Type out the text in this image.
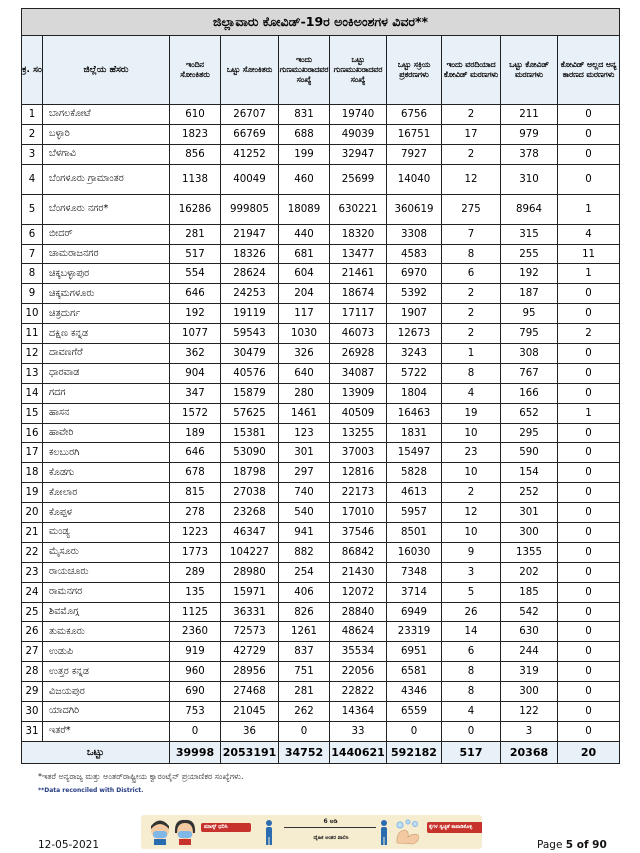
ಜಿಲ್ಲಾವಾರು ಕೋವಿಡ್-19ರ ಅಂಕಿಅಂಶಗಳ ವಿವರ**									
ಕ್ರ. ಸಂ	ಜಿಲ್ಲೆಯ ಹೆಸರು	ಇಂದಿನ ಸೋಂಕಿತರು	ಒಟ್ಟು ಸೋಂಕಿತರು	ಇಂದು ಗುಣಮುಖರಾದವರ ಸಂಖ್ಯೆ	ಒಟ್ಟು ಗುಣಮುಖರಾದವರ ಸಂಖ್ಯೆ	ಒಟ್ಟು ಸಕ್ರಿಯ ಪ್ರಕರಣಗಳು	ಇಂದು ವರದಿಯಾದ ಕೋವಿಡ್ ಮರಣಗಳು	ಒಟ್ಟು ಕೋವಿಡ್ ಮರಣಗಳು	ಕೋವಿಡ್ ಅಲ್ಲದ ಅನ್ಯ ಕಾರಣದ ಮರಣಗಳು
1	ಬಾಗಲಕೋಟೆ	610	26707	831	19740	6756	2	211	0
2	ಬಳ್ಳಾರಿ	1823	66769	688	49039	16751	17	979	0
3	ಬೆಳಗಾವಿ	856	41252	199	32947	7927	2	378	0
4	ಬೆಂಗಳೂರು ಗ್ರಾಮಾಂತರ	1138	40049	460	25699	14040	12	310	0
5	ಬೆಂಗಳೂರು ನಗರ*	16286	999805	18089	630221	360619	275	8964	1
6	ಬೀದರ್	281	21947	440	18320	3308	7	315	4
7	ಚಾಮರಾಜನಗರ	517	18326	681	13477	4583	8	255	11
8	ಚಿಕ್ಕಬಳ್ಳಾಪುರ	554	28624	604	21461	6970	6	192	1
9	ಚಿಕ್ಕಮಗಳೂರು	646	24253	204	18674	5392	2	187	0
10	ಚಿತ್ರದುರ್ಗ	192	19119	117	17117	1907	2	95	0
11	ದಕ್ಷಿಣ ಕನ್ನಡ	1077	59543	1030	46073	12673	2	795	2
12	ದಾವಣಗೆರೆ	362	30479	326	26928	3243	1	308	0
13	ಧಾರವಾಡ	904	40576	640	34087	5722	8	767	0
14	ಗದಗ	347	15879	280	13909	1804	4	166	0
15	ಹಾಸನ	1572	57625	1461	40509	16463	19	652	1
16	ಹಾವೇರಿ	189	15381	123	13255	1831	10	295	0
17	ಕಲಬುರಗಿ	646	53090	301	37003	15497	23	590	0
18	ಕೊಡಗು	678	18798	297	12816	5828	10	154	0
19	ಕೋಲಾರ	815	27038	740	22173	4613	2	252	0
20	ಕೊಪ್ಪಳ	278	23268	540	17010	5957	12	301	0
21	ಮಂಡ್ಯ	1223	46347	941	37546	8501	10	300	0
22	ಮೈಸೂರು	1773	104227	882	86842	16030	9	1355	0
23	ರಾಯಚೂರು	289	28980	254	21430	7348	3	202	0
24	ರಾಮನಗರ	135	15971	406	12072	3714	5	185	0
25	ಶಿವಮೊಗ್ಗ	1125	36331	826	28840	6949	26	542	0
26	ತುಮಕೂರು	2360	72573	1261	48624	23319	14	630	0
27	ಉಡುಪಿ	919	42729	837	35534	6951	6	244	0
28	ಉತ್ತರ ಕನ್ನಡ	960	28956	751	22056	6581	8	319	0
29	ವಿಜಯಪುರ	690	27468	281	22822	4346	8	300	0
30	ಯಾದಗಿರಿ	753	21045	262	14364	6559	4	122	0
31	ಇತರೆ*	0	36	0	33	0	0	3	0
ಒಟ್ಟು		39998	2053191	34752	1440621	592182	517	20368	20
*ಇತರೆ ಅನ್ಯರಾಜ್ಯ ಮತ್ತು ಅಂತರ್‌ರಾಷ್ಟ್ರೀಯ ಕ್ವಾರಂಟೈನ್ ಪ್ರಯಾಣಿಕರ ಸಂಖ್ಯೆಗಳು.
**Data reconciled with District.
ಮಾಸ್ಕ್ ಧರಿಸಿ
6 ಅಡಿ
ದೈಹಿಕ ಅಂತರ ಪಾಲಿಸಿ
ಕೈಗಳ ಸ್ವಚ್ಛತೆ ಕಾಪಾಡಿಕೊಳ್ಳಿ
12-05-2021	Page 5 of 90
